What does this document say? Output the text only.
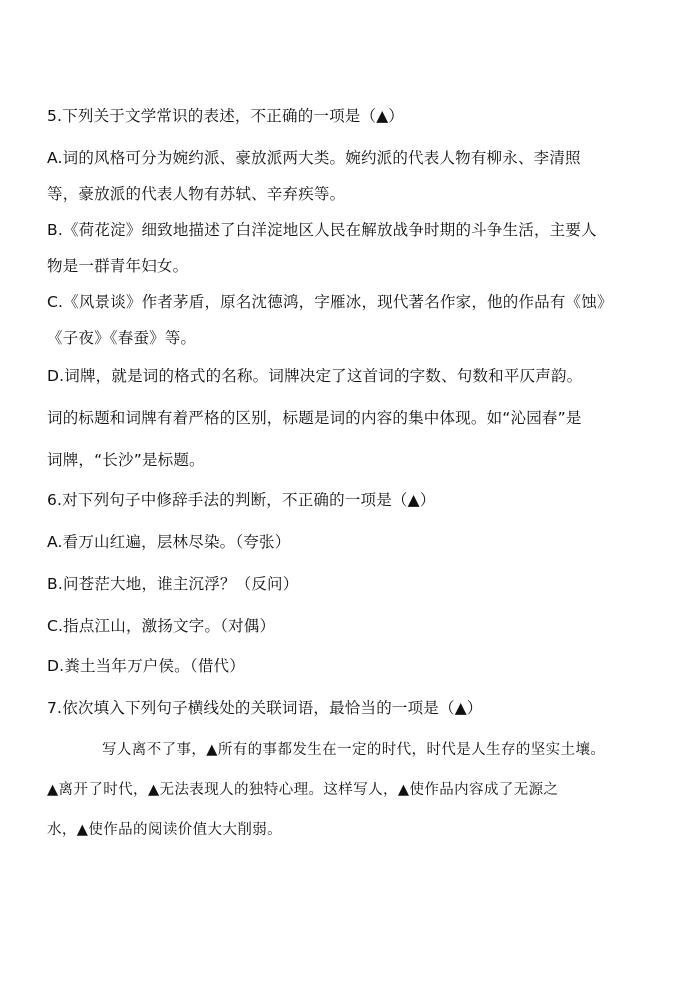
5.下列关于文学常识的表述，不正确的一项是（▲）
A.词的风格可分为婉约派、豪放派两大类。婉约派的代表人物有柳永、李清照
等，豪放派的代表人物有苏轼、辛弃疾等。
B.《荷花淀》细致地描述了白洋淀地区人民在解放战争时期的斗争生活，主要人
物是一群青年妇女。
C.《风景谈》作者茅盾，原名沈德鸿，字雁冰，现代著名作家，他的作品有《蚀》
《子夜》《春蚕》等。
D.词牌，就是词的格式的名称。词牌决定了这首词的字数、句数和平仄声韵。
词的标题和词牌有着严格的区别，标题是词的内容的集中体现。如“沁园春”是
词牌，“长沙”是标题。
6.对下列句子中修辞手法的判断，不正确的一项是（▲）
A.看万山红遍，层林尽染。（夸张）
B.问苍茫大地，谁主沉浮？（反问）
C.指点江山，激扬文字。（对偶）
D.粪土当年万户侯。（借代）
7.依次填入下列句子横线处的关联词语，最恰当的一项是（▲）
写人离不了事，▲所有的事都发生在一定的时代，时代是人生存的坚实土壤。
▲离开了时代，▲无法表现人的独特心理。这样写人，▲使作品内容成了无源之
水，▲使作品的阅读价值大大削弱。
